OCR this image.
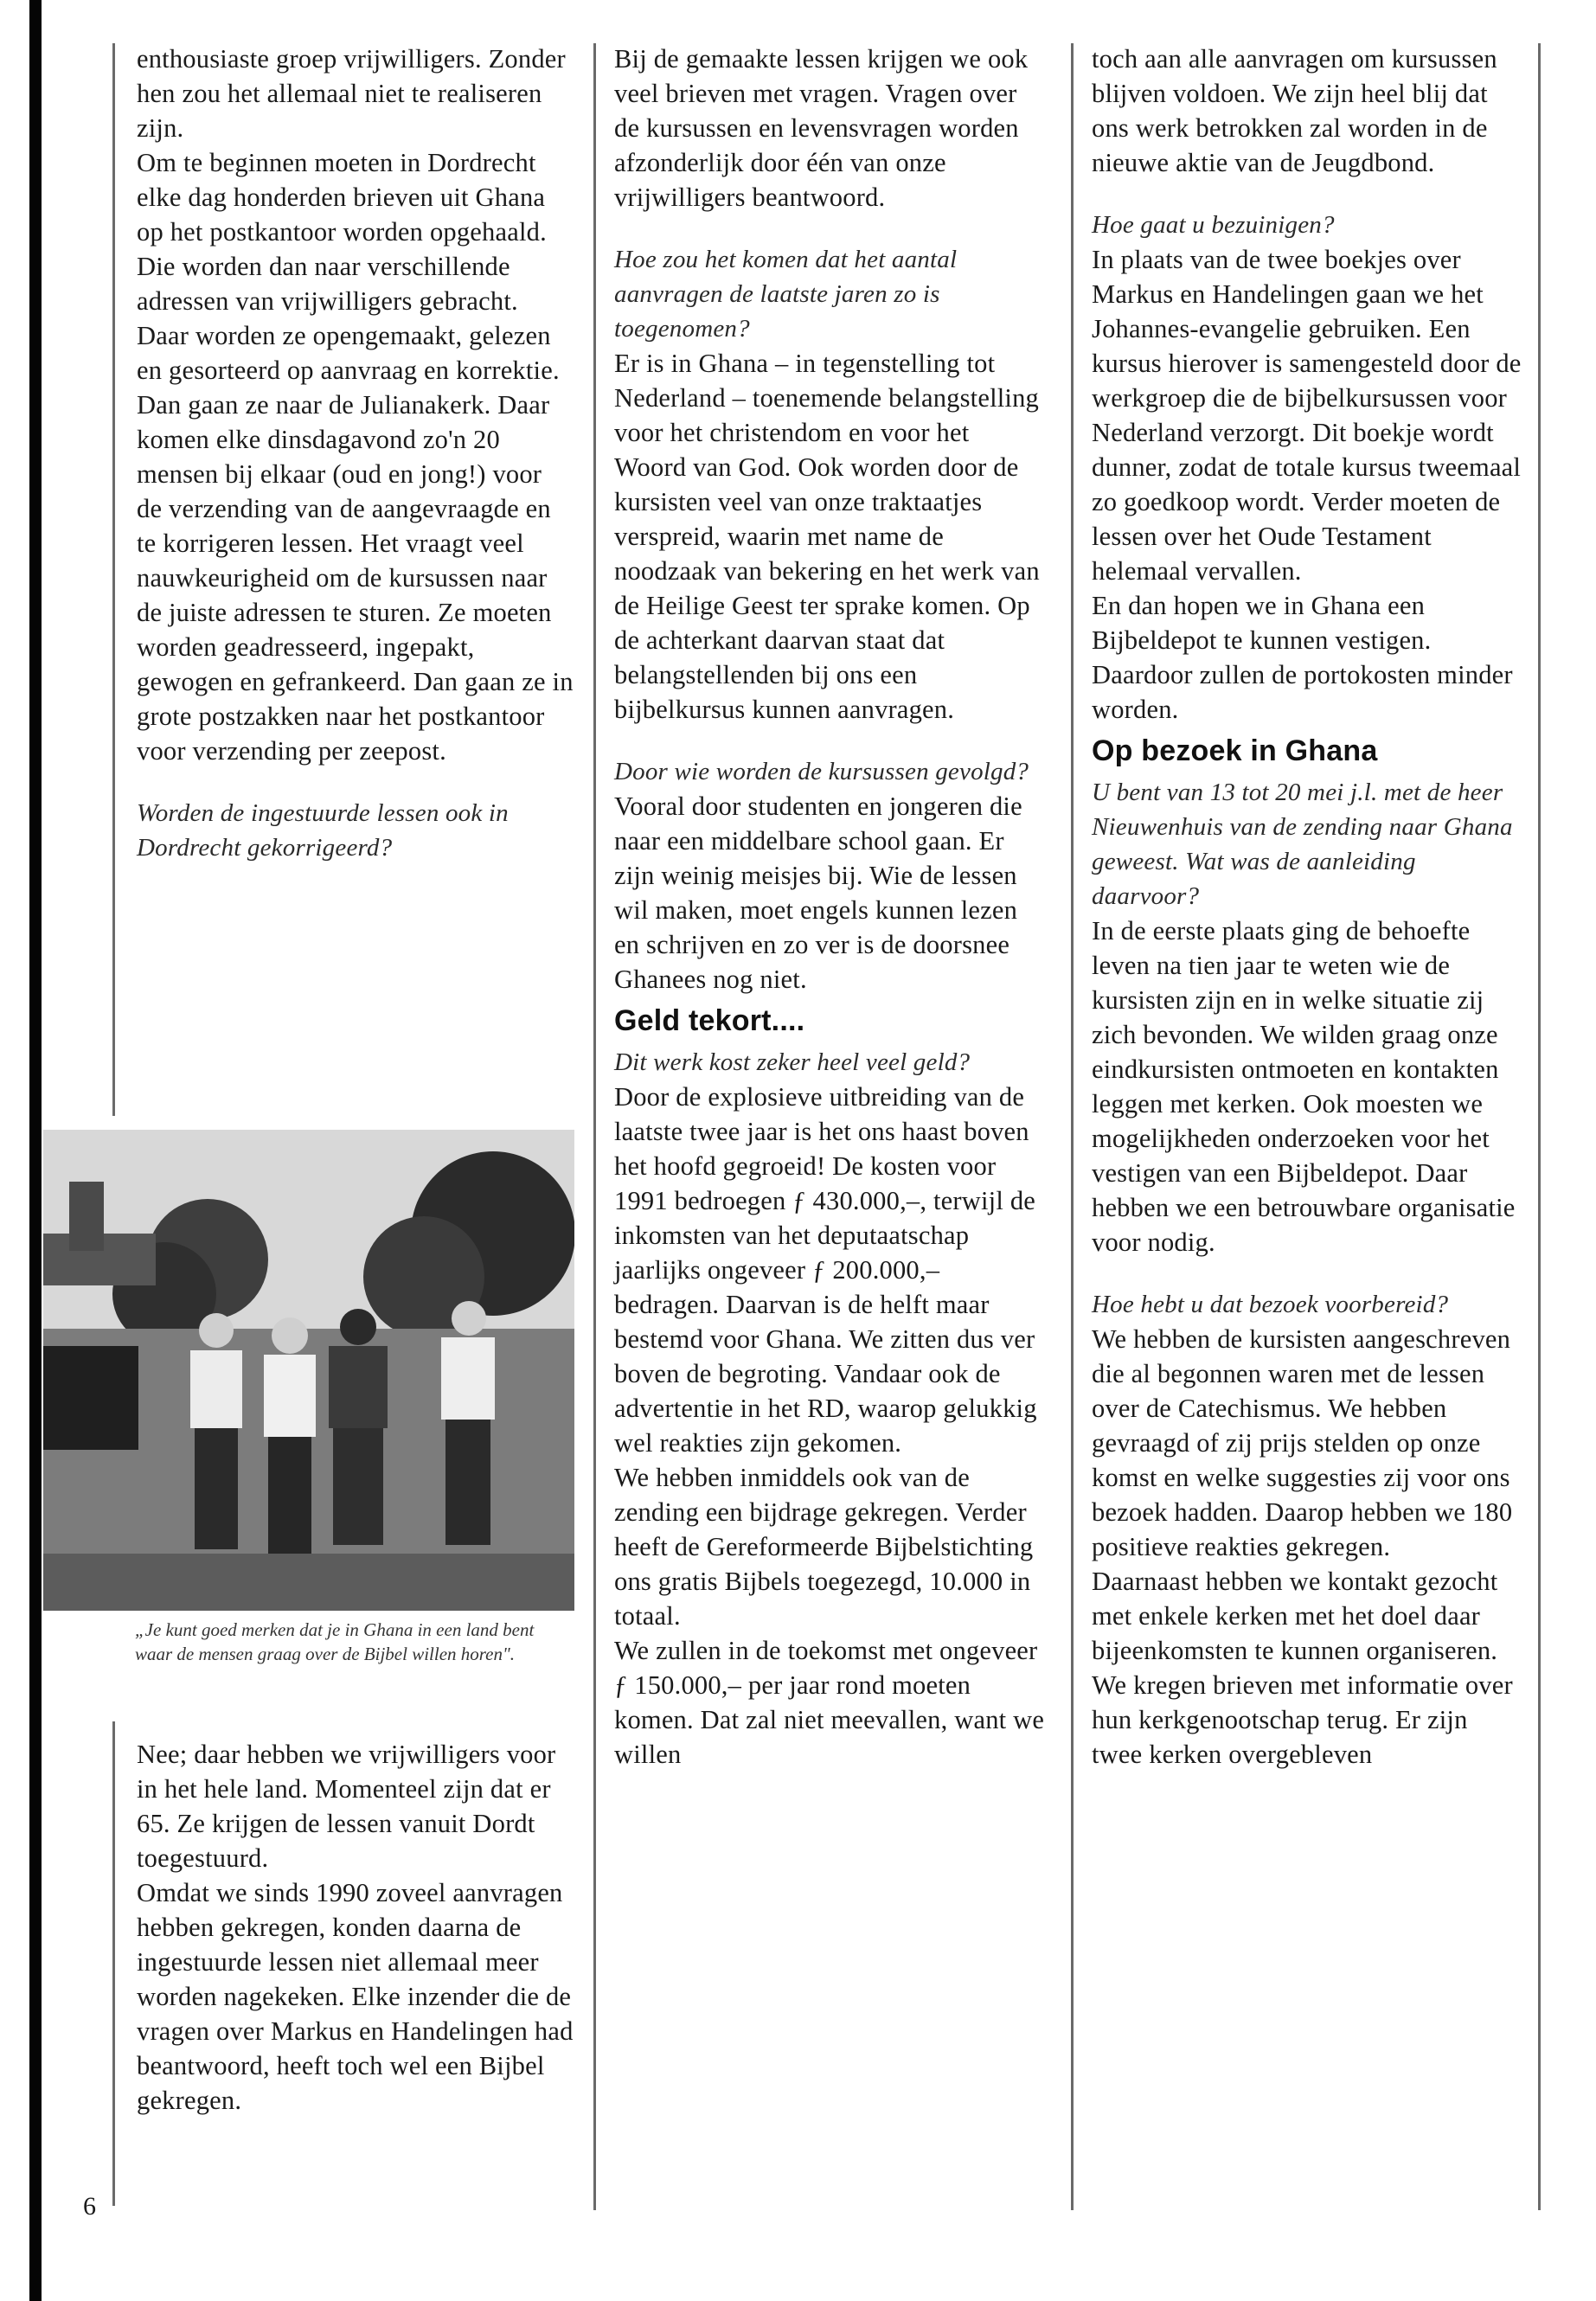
enthousiaste groep vrijwilligers. Zonder hen zou het allemaal niet te realiseren zijn.

Om te beginnen moeten in Dordrecht elke dag honderden brieven uit Ghana op het postkantoor worden opgehaald. Die worden dan naar verschillende adressen van vrijwilligers gebracht. Daar worden ze opengemaakt, gelezen en gesorteerd op aanvraag en korrektie. Dan gaan ze naar de Julianakerk. Daar komen elke dinsdagavond zo'n 20 mensen bij elkaar (oud en jong!) voor de verzending van de aangevraagde en te korrigeren lessen. Het vraagt veel nauwkeurigheid om de kursussen naar de juiste adressen te sturen. Ze moeten worden geadresseerd, ingepakt, gewogen en gefrankeerd. Dan gaan ze in grote postzakken naar het postkantoor voor verzending per zeepost.

Worden de ingestuurde lessen ook in Dordrecht gekorrigeerd?

„Je kunt goed merken dat je in Ghana in een land bent waar de mensen graag over de Bijbel willen horen".

Nee; daar hebben we vrijwilligers voor in het hele land. Momenteel zijn dat er 65. Ze krijgen de lessen vanuit Dordt toegestuurd.

Omdat we sinds 1990 zoveel aanvragen hebben gekregen, konden daarna de ingestuurde lessen niet allemaal meer worden nagekeken. Elke inzender die de vragen over Markus en Handelingen had beantwoord, heeft toch wel een Bijbel gekregen.

6

Bij de gemaakte lessen krijgen we ook veel brieven met vragen. Vragen over de kursussen en levensvragen worden afzonderlijk door één van onze vrijwilligers beantwoord.

Hoe zou het komen dat het aantal aanvragen de laatste jaren zo is toegenomen?

Er is in Ghana – in tegenstelling tot Nederland – toenemende belangstelling voor het christendom en voor het Woord van God. Ook worden door de kursisten veel van onze traktaatjes verspreid, waarin met name de noodzaak van bekering en het werk van de Heilige Geest ter sprake komen. Op de achterkant daarvan staat dat belangstellenden bij ons een bijbelkursus kunnen aanvragen.

Door wie worden de kursussen gevolgd?

Vooral door studenten en jongeren die naar een middelbare school gaan. Er zijn weinig meisjes bij. Wie de lessen wil maken, moet engels kunnen lezen en schrijven en zo ver is de doorsnee Ghanees nog niet.

Geld tekort....

Dit werk kost zeker heel veel geld?

Door de explosieve uitbreiding van de laatste twee jaar is het ons haast boven het hoofd gegroeid! De kosten voor 1991 bedroegen ƒ 430.000,–, terwijl de inkomsten van het deputaatschap jaarlijks ongeveer ƒ 200.000,– bedragen. Daarvan is de helft maar bestemd voor Ghana. We zitten dus ver boven de begroting. Vandaar ook de advertentie in het RD, waarop gelukkig wel reakties zijn gekomen.

We hebben inmiddels ook van de zending een bijdrage gekregen. Verder heeft de Gereformeerde Bijbelstichting ons gratis Bijbels toegezegd, 10.000 in totaal.

We zullen in de toekomst met ongeveer ƒ 150.000,– per jaar rond moeten komen. Dat zal niet meevallen, want we willen

toch aan alle aanvragen om kursussen blijven voldoen. We zijn heel blij dat ons werk betrokken zal worden in de nieuwe aktie van de Jeugdbond.

Hoe gaat u bezuinigen?

In plaats van de twee boekjes over Markus en Handelingen gaan we het Johannes-evangelie gebruiken. Een kursus hierover is samengesteld door de werkgroep die de bijbelkursussen voor Nederland verzorgt. Dit boekje wordt dunner, zodat de totale kursus tweemaal zo goedkoop wordt. Verder moeten de lessen over het Oude Testament helemaal vervallen.

En dan hopen we in Ghana een Bijbeldepot te kunnen vestigen. Daardoor zullen de portokosten minder worden.

Op bezoek in Ghana

U bent van 13 tot 20 mei j.l. met de heer Nieuwenhuis van de zending naar Ghana geweest. Wat was de aanleiding daarvoor?

In de eerste plaats ging de behoefte leven na tien jaar te weten wie de kursisten zijn en in welke situatie zij zich bevonden. We wilden graag onze eindkursisten ontmoeten en kontakten leggen met kerken. Ook moesten we mogelijkheden onderzoeken voor het vestigen van een Bijbeldepot. Daar hebben we een betrouwbare organisatie voor nodig.

Hoe hebt u dat bezoek voorbereid?

We hebben de kursisten aangeschreven die al begonnen waren met de lessen over de Catechismus. We hebben gevraagd of zij prijs stelden op onze komst en welke suggesties zij voor ons bezoek hadden. Daarop hebben we 180 positieve reakties gekregen.

Daarnaast hebben we kontakt gezocht met enkele kerken met het doel daar bijeenkomsten te kunnen organiseren. We kregen brieven met informatie over hun kerkgenootschap terug. Er zijn twee kerken overgebleven
